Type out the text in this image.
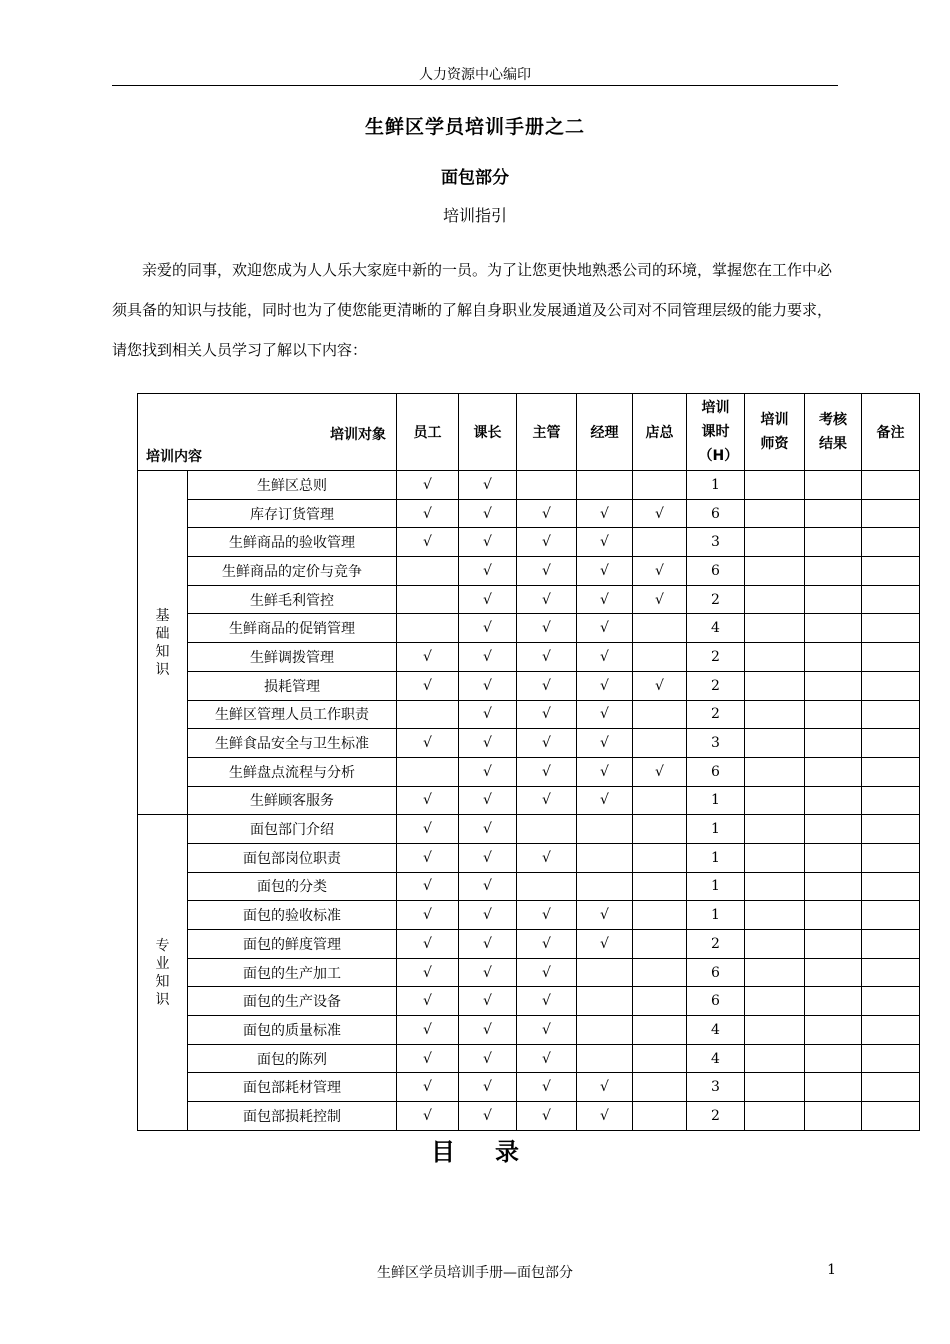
人力资源中心编印
生鲜区学员培训手册之二
面包部分
培训指引

亲爱的同事，欢迎您成为人人乐大家庭中新的一员。为了让您更快地熟悉公司的环境，掌握您在工作中必须具备的知识与技能，同时也为了使您能更清晰的了解自身职业发展通道及公司对不同管理层级的能力要求，请您找到相关人员学习了解以下内容：

培训对象
培训内容		员工	课长	主管	经理	店总	培训课时（H）	培训师资	考核结果	备注
基础知识	生鲜区总则	√	√				1			
	库存订货管理	√	√	√	√	√	6			
	生鲜商品的验收管理	√	√	√	√		3			
	生鲜商品的定价与竞争		√	√	√	√	6			
	生鲜毛利管控		√	√	√	√	2			
	生鲜商品的促销管理		√	√	√		4			
	生鲜调拨管理	√	√	√	√		2			
	损耗管理	√	√	√	√	√	2			
	生鲜区管理人员工作职责		√	√	√		2			
	生鲜食品安全与卫生标准	√	√	√	√		3			
	生鲜盘点流程与分析		√	√	√	√	6			
	生鲜顾客服务	√	√	√	√		1			
专业知识	面包部门介绍	√	√				1			
	面包部岗位职责	√	√	√			1			
	面包的分类	√	√				1			
	面包的验收标准	√	√	√	√		1			
	面包的鲜度管理	√	√	√	√		2			
	面包的生产加工	√	√	√			6			
	面包的生产设备	√	√	√			6			
	面包的质量标准	√	√	√			4			
	面包的陈列	√	√	√			4			
	面包部耗材管理	√	√	√	√		3			
	面包部损耗控制	√	√	√	√		2			
目录
生鲜区学员培训手册—面包部分	1
